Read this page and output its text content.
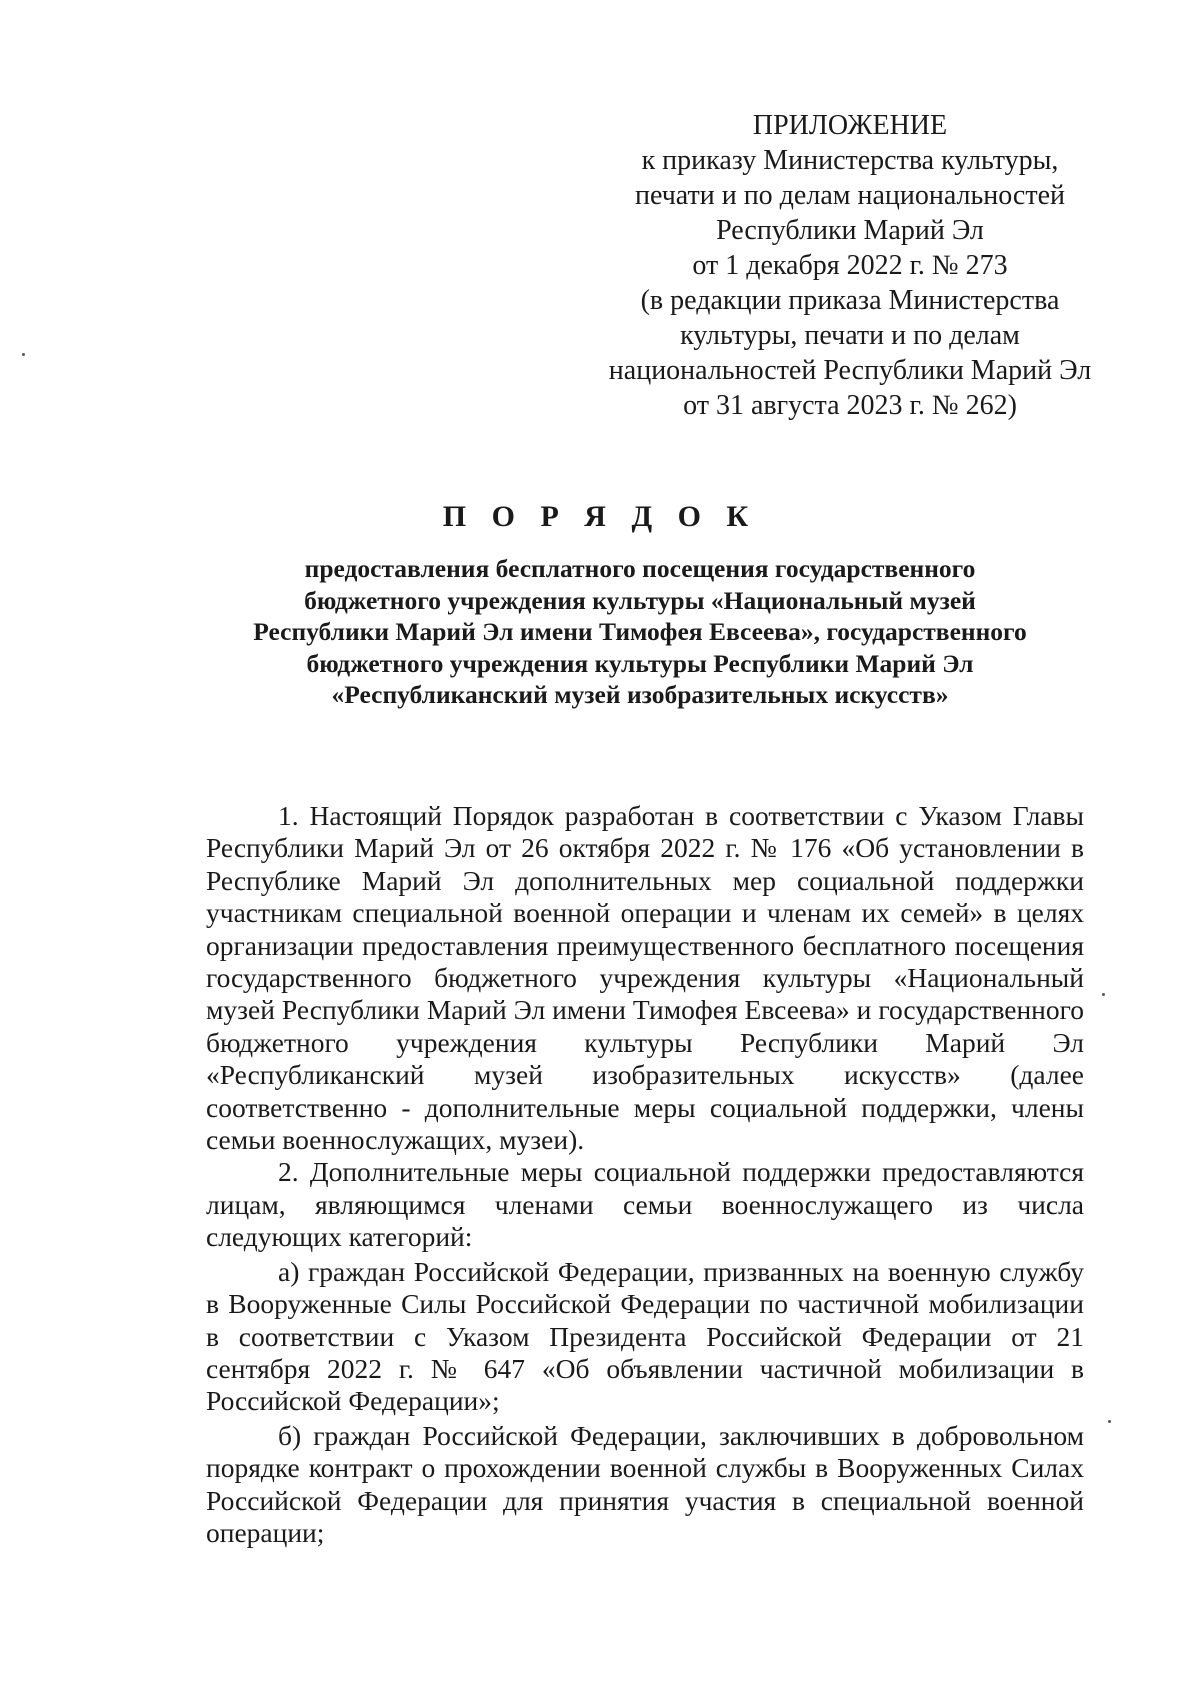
ПРИЛОЖЕНИЕ
к приказу Министерства культуры,
печати и по делам национальностей
Республики Марий Эл
от 1 декабря 2022 г. № 273
(в редакции приказа Министерства
культуры, печати и по делам
национальностей Республики Марий Эл
от 31 августа 2023 г. № 262)
П О Р Я Д О К
предоставления бесплатного посещения государственного
бюджетного учреждения культуры «Национальный музей
Республики Марий Эл имени Тимофея Евсеева», государственного
бюджетного учреждения культуры Республики Марий Эл
«Республиканский музей изобразительных искусств»

1. Настоящий Порядок разработан в соответствии с Указом Главы Республики Марий Эл от 26 октября 2022 г. № 176 «Об установлении в Республике Марий Эл дополнительных мер социальной поддержки участникам специальной военной операции и членам их семей» в целях организации предоставления преимущественного бесплатного посещения государственного бюджетного учреждения культуры «Национальный музей Республики Марий Эл имени Тимофея Евсеева» и государственного бюджетного учреждения культуры Республики Марий Эл «Республиканский музей изобразительных искусств» (далее соответственно - дополнительные меры социальной поддержки, члены семьи военнослужащих, музеи).

2. Дополнительные меры социальной поддержки предоставляются лицам, являющимся членами семьи военнослужащего из числа следующих категорий:

а) граждан Российской Федерации, призванных на военную службу в Вооруженные Силы Российской Федерации по частичной мобилизации в соответствии с Указом Президента Российской Федерации от 21 сентября 2022 г. № 647 «Об объявлении частичной мобилизации в Российской Федерации»;

б) граждан Российской Федерации, заключивших в добровольном порядке контракт о прохождении военной службы в Вооруженных Силах Российской Федерации для принятия участия в специальной военной операции;
